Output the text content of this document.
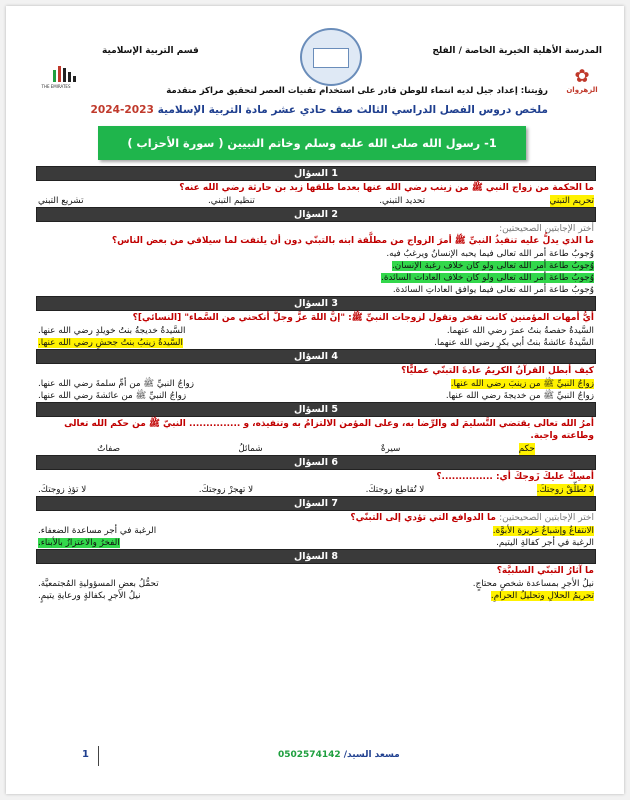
المدرسة الأهلية الخيرية الخاصة / الفلج
قسم التربية الإسلامية
THE EMIRATES	✿
الزهروان
رؤيتنا: إعداد جيل لديه انتماء للوطن قادر على استخدام تقنيات العصر لتحقيق مراكز متقدمة
ملخص دروس الفصل الدراسي الثالث صف حادي عشر مادة التربية الإسلامية 2023-2024
1- رسول الله صلى الله عليه وسلم وخاتم النبيين ( سورة الأحزاب )
1 السؤال
ما الحكمة من زواج النبي ﷺ من زينب رضي الله عنها بعدما طلقها زيد بن حارثة رضي الله عنه؟
تحريم التبني
تحديد التبني.
تنظيم التبني.
تشريع التبني
2 السؤال
أختر الإجابتين الصحيحتين:
ما الذي يدلُّ عليه تنفيذُ النبيِّ ﷺ أمرَ الزواج من مطلَّقة ابنه بالتبنّي دون أن يلتفت لما سيلاقي من بعض الناس؟
وُجوبُ طاعة أمر الله تعالى فيما يحبه الإنسانُ ويرغبُ فيه.
وُجوبُ طاعة أمر الله تعالى ولو كان خلاف رغبة الإنسان.
وُجوبُ طاعة أمر الله تعالى ولو كان خلاف العادات السائدة.
وُجوبُ طاعة أمر الله تعالى فيما يوافق العاداتِ السائدة.
3 السؤال
أيُّ أمهات المؤمنين كانت تفخر وتقول لزوجات النبيِّ ﷺ: "إنَّ اللهَ عزَّ وجلَّ أنكحني من السَّماء" [النسائي]؟
السَّيدةُ حفصةُ بنتُ عمرَ رضي الله عنهما.
السَّيدةُ خديجةُ بنتُ خويلدٍ رضي الله عنها.
السَّيدةُ عائشةُ بنتُ أبي بكرٍ رضي الله عنهما.
السَّيدةُ زينبُ بنتُ جحشٍ رضي الله عنها.
4 السؤال
كيف أبطل القرآنُ الكريمُ عادةَ التبنّي عمليًّا؟
زواجُ النبيِّ ﷺ من زينبَ رضي الله عنها.
زواجُ النبيِّ ﷺ من أمِّ سلمةَ رضي الله عنها.
زواجُ النبيِّ ﷺ من خديجةَ رضي الله عنها.
زواجُ النبيِّ ﷺ من عائشةَ رضي الله عنها.
5 السؤال
أمرُ الله تعالى يقتضي التَّسليمَ له والرِّضا به، وعلى المؤمن الالتزامُ به وتنفيذه، و ............... النبيّ ﷺ من حكم الله تعالى وطاعته واجبة.
حكم
سيرةٌ
شمائلُ
صفاتٌ
6 السؤال
أمسِكْ عليكَ زَوجكَ أي: ...............؟
لا تُطلِّقْ زوجتكَ.
لا تُقاطِع زوجتكَ.
لا تهجرْ زوجتكَ.
لا تؤذِ زوجتكَ.
7 السؤال
اختر الإجابتين الصحيحتين: ما الدوافع التي تؤدي إلى التبنّي؟
الانتفاعُ وإشباعُ غريزةِ الأبوَّة.
الرغبة في أجر مساعدة الضعفاء.
الرغبة في أجر كفالةِ اليتيم.
الفخرُ والاعتزازُ بالأبناء.
8 السؤال
ما آثارُ التبنّي السلبيَّة؟
نيلُ الأجرِ بمساعدة شخصٍ محتاجٍ.
تحمُّلُ بعضِ المسؤوليةِ المُجتمعيَّة.
تحريمُ الحلالِ وتحليلُ الحرامِ.
نيلُ الأجرِ بكفالةٍ ورعايةِ يتيمٍ.
مسعد السيد/ 0502574142
1
